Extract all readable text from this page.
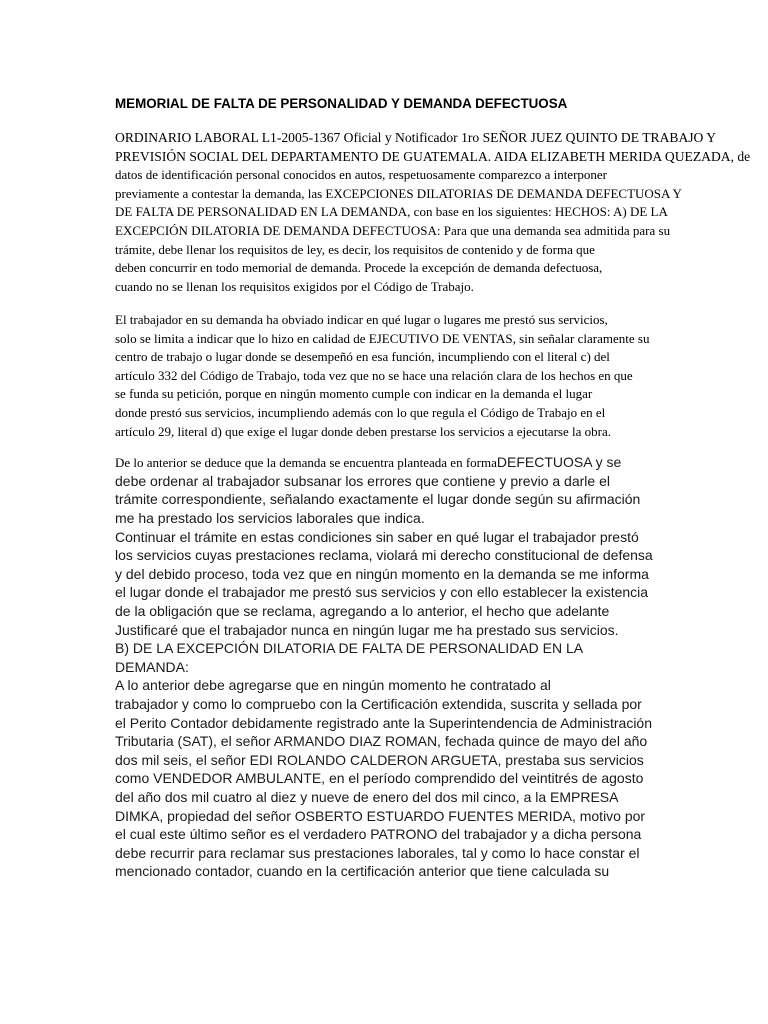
MEMORIAL DE FALTA DE PERSONALIDAD Y DEMANDA DEFECTUOSA
ORDINARIO LABORAL L1-2005-1367 Oficial y Notificador 1ro SEÑOR JUEZ QUINTO DE TRABAJO Y
PREVISIÓN SOCIAL DEL DEPARTAMENTO DE GUATEMALA. AIDA ELIZABETH MERIDA QUEZADA, de
datos de identificación personal conocidos en autos, respetuosamente comparezco a interponer
previamente a contestar la demanda, las EXCEPCIONES DILATORIAS DE DEMANDA DEFECTUOSA Y
DE FALTA DE PERSONALIDAD EN LA DEMANDA, con base en los siguientes: HECHOS: A) DE LA
EXCEPCIÓN DILATORIA DE DEMANDA DEFECTUOSA: Para que una demanda sea admitida para su
trámite, debe llenar los requisitos de ley, es decir, los requisitos de contenido y de forma que
deben concurrir en todo memorial de demanda. Procede la excepción de demanda defectuosa,
cuando no se llenan los requisitos exigidos por el Código de Trabajo.
El trabajador en su demanda ha obviado indicar en qué lugar o lugares me prestó sus servicios,
solo se limita a indicar que lo hizo en calidad de EJECUTIVO DE VENTAS, sin señalar claramente su
centro de trabajo o lugar donde se desempeñó en esa función, incumpliendo con el literal c) del
artículo 332 del Código de Trabajo, toda vez que no se hace una relación clara de los hechos en que
se funda su petición, porque en ningún momento cumple con indicar en la demanda el lugar
donde prestó sus servicios, incumpliendo además con lo que regula el Código de Trabajo en el
artículo 29, literal d) que exige el lugar donde deben prestarse los servicios a ejecutarse la obra.
De lo anterior se deduce que la demanda se encuentra planteada en formaDEFECTUOSA y se
debe ordenar al trabajador subsanar los errores que contiene y previo a darle el
trámite correspondiente, señalando exactamente el lugar donde según su afirmación
me ha prestado los servicios laborales que indica.
Continuar el trámite en estas condiciones sin saber en qué lugar el trabajador prestó
los servicios cuyas prestaciones reclama, violará mi derecho constitucional de defensa
y del debido proceso, toda vez que en ningún momento en la demanda se me informa
el lugar donde el trabajador me prestó sus servicios y con ello establecer la existencia
de la obligación que se reclama, agregando a lo anterior, el hecho que adelante
Justificaré que el trabajador nunca en ningún lugar me ha prestado sus servicios.
B) DE LA EXCEPCIÓN DILATORIA DE FALTA DE PERSONALIDAD EN LA
DEMANDA:
A lo anterior debe agregarse que en ningún momento he contratado al
trabajador y como lo compruebo con la Certificación extendida, suscrita y sellada por
el Perito Contador debidamente registrado ante la Superintendencia de Administración
Tributaria (SAT), el señor ARMANDO DIAZ ROMAN, fechada quince de mayo del año
dos mil seis, el señor EDI ROLANDO CALDERON ARGUETA, prestaba sus servicios
como VENDEDOR AMBULANTE, en el período comprendido del veintitrés de agosto
del año dos mil cuatro al diez y nueve de enero del dos mil cinco, a la EMPRESA
DIMKA, propiedad del señor OSBERTO ESTUARDO FUENTES MERIDA, motivo por
el cual este último señor es el verdadero PATRONO del trabajador y a dicha persona
debe recurrir para reclamar sus prestaciones laborales, tal y como lo hace constar el
mencionado contador, cuando en la certificación anterior que tiene calculada su
